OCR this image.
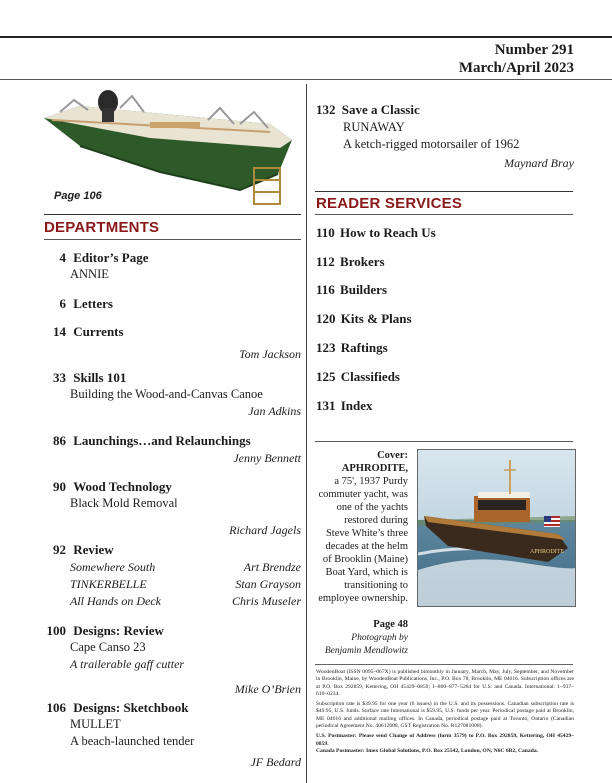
Number 291
March/April 2023
Page 106
DEPARTMENTS
4 Editor’s Page
ANNIE
6 Letters
14 Currents
Tom Jackson
33 Skills 101
Building the Wood-and-Canvas Canoe
Jan Adkins
86 Launchings…and Relaunchings
Jenny Bennett
90 Wood Technology
Black Mold Removal
Richard Jagels
92 Review
Somewhere South	Art Brendze
TINKERBELLE	Stan Grayson
All Hands on Deck	Chris Museler
100 Designs: Review
Cape Canso 23
A trailerable gaff cutter
Mike O’Brien
106 Designs: Sketchbook
MULLET
A beach-launched tender
JF Bedard
132 Save a Classic
RUNAWAY
A ketch-rigged motorsailer of 1962
Maynard Bray
READER SERVICES
110 How to Reach Us
112 Brokers
116 Builders
120 Kits & Plans
123 Raftings
125 Classifieds
131 Index
Cover: APHRODITE,
a 75', 1937 Purdy
commuter yacht, was
one of the yachts
restored during
Steve White’s three
decades at the helm
of Brooklin (Maine)
Boat Yard, which is
transitioning to
employee ownership.
Page 48
Photograph by
Benjamin Mendlowitz
APHRODITE
WoodenBoat (ISSN 0095–067X) is published bimonthly in January, March, May, July, September, and November in Brooklin, Maine, by WoodenBoat Publications, Inc., P.O. Box 78, Brooklin, ME 04616. Subscription offices are at P.O. Box 292859, Kettering, OH 45429–0859; 1–800–877–5284 for U.S. and Canada. International: 1–937–610–0234.
Subscription rate is $39.95 for one year (6 issues) in the U.S. and its possessions. Canadian subscription rate is $49.95, U.S. funds. Surface rate International is $59.95, U.S. funds per year. Periodical postage paid at Brooklin, ME 04616 and additional mailing offices. In Canada, periodical postage paid at Toronto, Ontario (Canadian periodical Agreement No. 40612608, GST Registration No. R127081008).
U.S. Postmaster: Please send Change of Address (form 3579) to P.O. Box 292859, Kettering, OH 45429–0859.
Canada Postmaster: Imex Global Solutions, P.O. Box 25542, London, ON, N6C 6B2, Canada.
